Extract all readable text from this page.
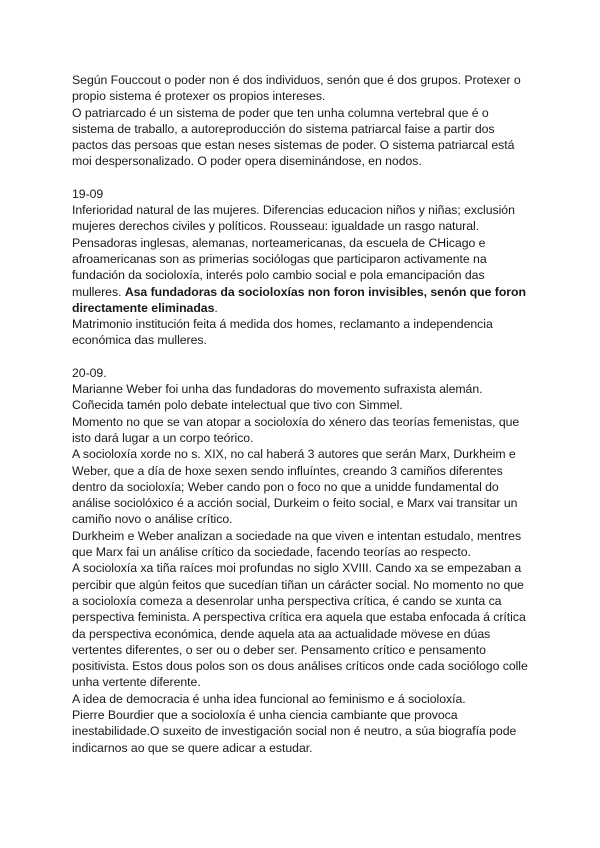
Según Fouccout o poder non é dos individuos, senón que é dos grupos. Protexer o propio sistema é protexer os propios intereses.

O patriarcado é un sistema de poder que ten unha columna vertebral que é o sistema de traballo, a autoreproducción do sistema patriarcal faise a partir dos pactos das persoas que estan neses sistemas de poder. O sistema patriarcal está moi despersonalizado. O poder opera diseminándose, en nodos.

19-09

Inferioridad natural de las mujeres. Diferencias educacion niños y niñas; exclusión mujeres derechos civiles y políticos. Rousseau: igualdade un rasgo natural.

Pensadoras inglesas, alemanas, norteamericanas, da escuela de CHicago e afroamericanas son as primerias sociólogas que participaron activamente na fundación da socioloxía, interés polo cambio social e pola emancipación das mulleres. Asa fundadoras da socioloxías non foron invisibles, senón que foron directamente eliminadas.

Matrimonio institución feita á medida dos homes, reclamanto a independencia económica das mulleres.

20-09.

Marianne Weber foi unha das fundadoras do movemento sufraxista alemán. Coñecida tamén polo debate intelectual que tivo con Simmel.

Momento no que se van atopar a socioloxía do xénero das teorías femenistas, que isto dará lugar a un corpo teórico.

A socioloxía xorde no s. XIX, no cal haberá 3 autores que serán Marx, Durkheim e Weber, que a día de hoxe sexen sendo influíntes, creando 3 camiños diferentes dentro da socioloxía; Weber cando pon o foco no que a unidde fundamental do análise sociolóxico é a acción social, Durkeim o feito social, e Marx vai transitar un camiño novo o análise crítico.

Durkheim e Weber analizan a sociedade na que viven e intentan estudalo, mentres que Marx fai un análise crítico da sociedade, facendo teorías ao respecto.

A socioloxía xa tiña raíces moi profundas no siglo XVIII. Cando xa se empezaban a percibir que algún feitos que sucedían tiñan un cárácter social. No momento no que a socioloxía comeza a desenrolar unha perspectiva crítica, é cando se xunta ca perspectiva feminista. A perspectiva crítica era aquela que estaba enfocada á crítica da perspectiva económica, dende aquela ata aa actualidade mövese en dúas vertentes diferentes, o ser ou o deber ser. Pensamento crítico e pensamento positivista. Estos dous polos son os dous análises críticos onde cada sociólogo colle unha vertente diferente.

A idea de democracia é unha idea funcional ao feminismo e á socioloxía.

Pierre Bourdier que a socioloxía é unha ciencia cambiante que provoca inestabilidade.O suxeito de investigación social non é neutro, a súa biografía pode indicarnos ao que se quere adicar a estudar.
